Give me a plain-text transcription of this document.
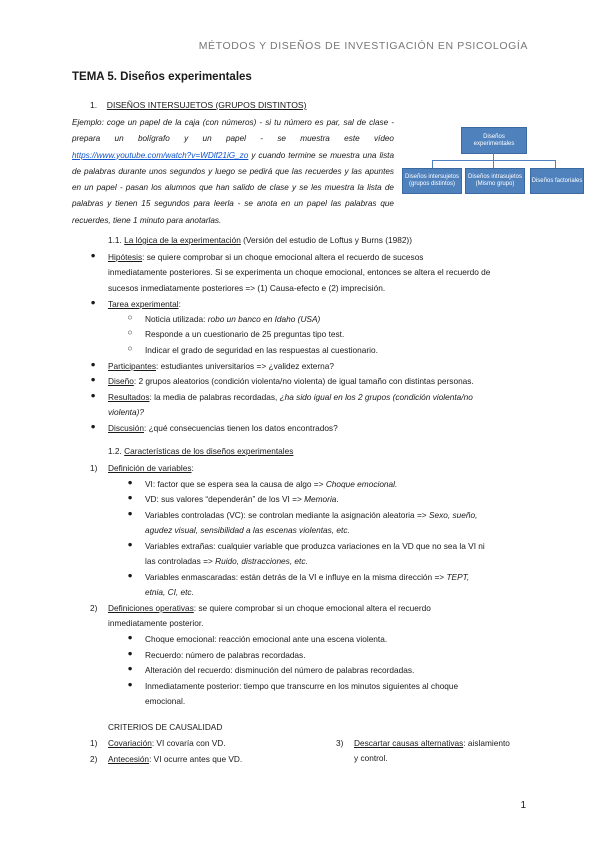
MÉTODOS Y DISEÑOS DE INVESTIGACIÓN EN PSICOLOGÍA
TEMA 5. Diseños experimentales
1. DISEÑOS INTERSUJETOS (GRUPOS DISTINTOS)
Ejemplo: coge un papel de la caja (con números) - si tu número es par, sal de clase - prepara un bolígrafo y un papel - se muestra este vídeo https://www.youtube.com/watch?v=WDlf21iG_zo y cuando termine se muestra una lista de palabras durante unos segundos y luego se pedirá que las recuerdes y las apuntes en un papel - pasan los alumnos que han salido de clase y se les muestra la lista de palabras y tienen 15 segundos para leerla - se anota en un papel las palabras que recuerdes, tiene 1 minuto para anotarlas.
Diseños experimentales
Diseños intersujetos (grupos distintos)
Diseños intrasujetos (Mismo grupo)
Diseños factoriales
1.1. La lógica de la experimentación (Versión del estudio de Loftus y Burns (1982))
●	Hipótesis: se quiere comprobar si un choque emocional altera el recuerdo de sucesos
inmediatamente posteriores. Si se experimenta un choque emocional, entonces se altera el recuerdo de
sucesos inmediatamente posteriores => (1) Causa-efecto e (2) imprecisión.
●	Tarea experimental:
○	Noticia utilizada: robo un banco en Idaho (USA)
○	Responde a un cuestionario de 25 preguntas tipo test.
○	Indicar el grado de seguridad en las respuestas al cuestionario.
●	Participantes: estudiantes universitarios => ¿validez externa?
●	Diseño: 2 grupos aleatorios (condición violenta/no violenta) de igual tamaño con distintas personas.
●	Resultados: la media de palabras recordadas, ¿ha sido igual en los 2 grupos (condición violenta/no
violenta)?
●	Discusión: ¿qué consecuencias tienen los datos encontrados?
1.2. Características de los diseños experimentales
1) Definición de variables:
●	VI: factor que se espera sea la causa de algo => Choque emocional.
●	VD: sus valores “dependerán” de los VI => Memoria.
●	Variables controladas (VC): se controlan mediante la asignación aleatoria => Sexo, sueño,
agudez visual, sensibilidad a las escenas violentas, etc.
●	Variables extrañas: cualquier variable que produzca variaciones en la VD que no sea la VI ni
las controladas => Ruido, distracciones, etc.
●	Variables enmascaradas: están detrás de la VI e influye en la misma dirección => TEPT,
etnia, CI, etc.
2) Definiciones operativas: se quiere comprobar si un choque emocional altera el recuerdo
inmediatamente posterior.
●	Choque emocional: reacción emocional ante una escena violenta.
●	Recuerdo: número de palabras recordadas.
●	Alteración del recuerdo: disminución del número de palabras recordadas.
●	Inmediatamente posterior: tiempo que transcurre en los minutos siguientes al choque
emocional.
CRITERIOS DE CAUSALIDAD
1) Covariación: VI covaría con VD.
2) Antecesión: VI ocurre antes que VD.
3) Descartar causas alternativas: aislamiento
y control.
1
